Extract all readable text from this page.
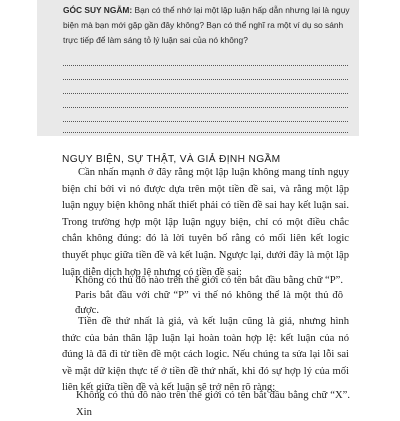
GÓC SUY NGẪM: Bạn có thể nhớ lại một lập luận hấp dẫn nhưng lại là ngụy biện mà bạn mới gặp gần đây không? Bạn có thể nghĩ ra một ví dụ so sánh trực tiếp để làm sáng tỏ lý luận sai của nó không?

NGỤY BIỆN, SỰ THẬT, VÀ GIẢ ĐỊNH NGẦM

Cần nhấn mạnh ở đây rằng một lập luận không mang tính ngụy biện chỉ bởi vì nó được dựa trên một tiền đề sai, và rằng một lập luận ngụy biện không nhất thiết phải có tiền đề sai hay kết luận sai. Trong trường hợp một lập luận ngụy biện, chỉ có một điều chắc chắn không đúng: đó là lời tuyên bố rằng có mối liên kết logic thuyết phục giữa tiền đề và kết luận. Ngược lại, dưới đây là một lập luận diễn dịch hợp lệ nhưng có tiền đề sai:

Không có thủ đô nào trên thế giới có tên bắt đầu bằng chữ “P”. Paris bắt đầu với chữ “P” vì thế nó không thể là một thủ đô được.

Tiền đề thứ nhất là giả, và kết luận cũng là giả, nhưng hình thức của bản thân lập luận lại hoàn toàn hợp lệ: kết luận của nó đúng là đã đi từ tiền đề một cách logic. Nếu chúng ta sửa lại lỗi sai về mặt dữ kiện thực tế ở tiền đề thứ nhất, khi đó sự hợp lý của mối liên kết giữa tiền đề và kết luận sẽ trở nên rõ ràng:

Không có thủ đô nào trên thế giới có tên bắt đầu bằng chữ “X”. Xin
